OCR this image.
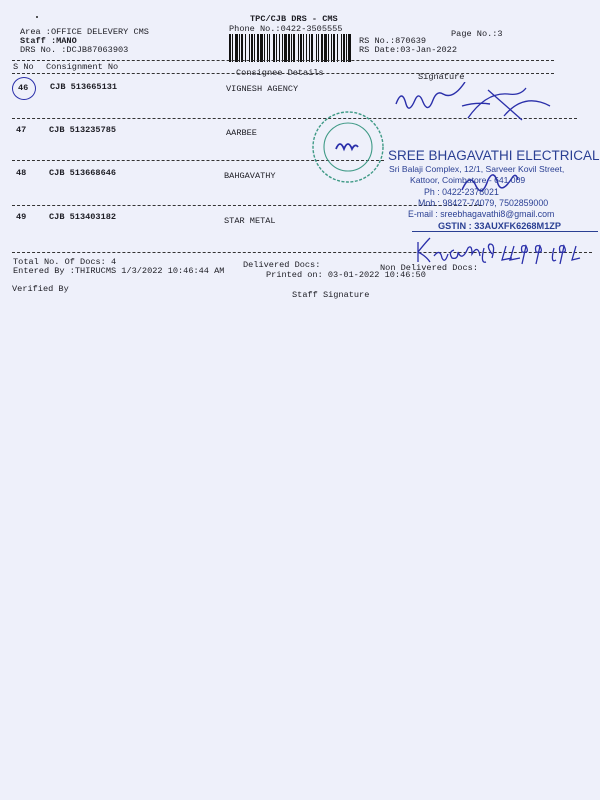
TPC/CJB DRS - CMS
Phone No.:0422-3505555
Area :OFFICE DELEVERY CMS
Staff :MANO
DRS No. :DCJB87063903
RS No.:870639
RS Date:03-Jan-2022
Page No.:3
S No Consignment No
Consignee Details	Signature
46	CJB 513665131	VIGNESH AGENCY
47	CJB 513235785	AARBEE
48	CJB 513668646	BAHGAVATHY
49	CJB 513403182	STAR METAL
Total No. Of Docs: 4	Delivered Docs:	Non Delivered Docs:
Entered By :THIRUCMS 1/3/2022 10:46:44 AM	Printed on: 03-01-2022 10:46:50
Verified By
Staff Signature
SREE BHAGAVATHI ELECTRICAL
Sri Balaji Complex, 12/1, Sarveer Kovil Street,
Kattoor, Coimbatore - 641 009
Ph : 0422-2378021
Mob : 98427-74079, 7502859000
E-mail : sreebhagavathi8@gmail.com
GSTIN : 33AUXFK6268M1ZP
